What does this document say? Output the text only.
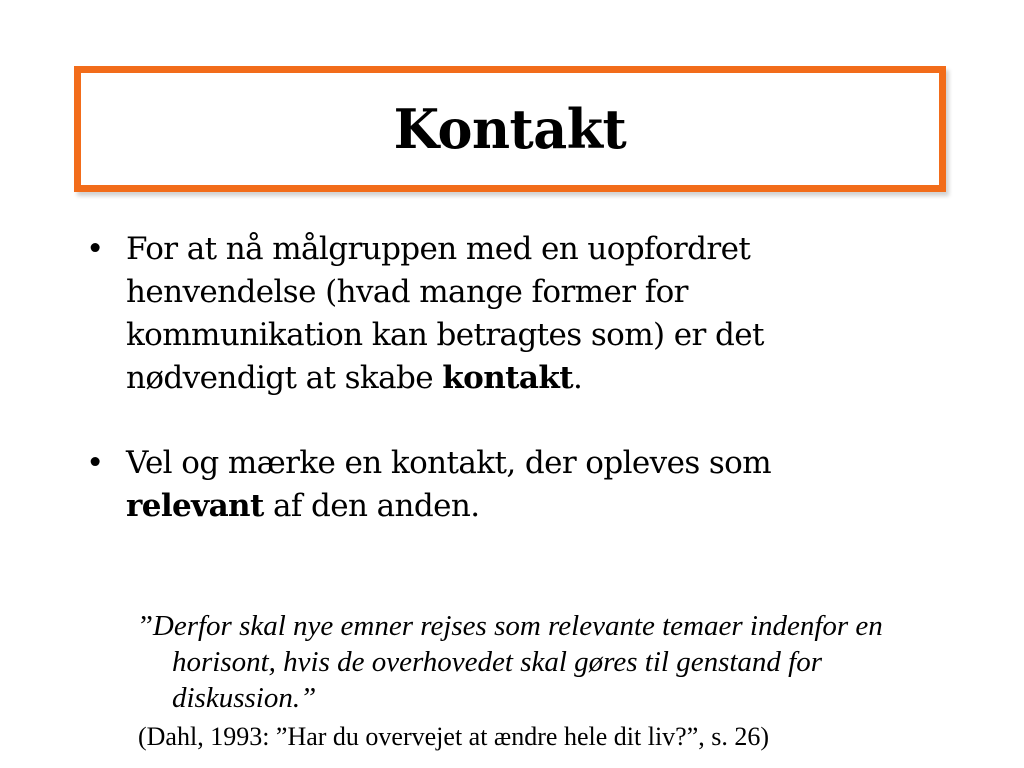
Kontakt
• For at nå målgruppen med en uopfordret henvendelse (hvad mange former for kommunikation kan betragtes som) er det nødvendigt at skabe kontakt.
• Vel og mærke en kontakt, der opleves som relevant af den anden.
”Derfor skal nye emner rejses som relevante temaer indenfor en horisont, hvis de overhovedet skal gøres til genstand for diskussion.”
(Dahl, 1993: ”Har du overvejet at ændre hele dit liv?”, s. 26)
